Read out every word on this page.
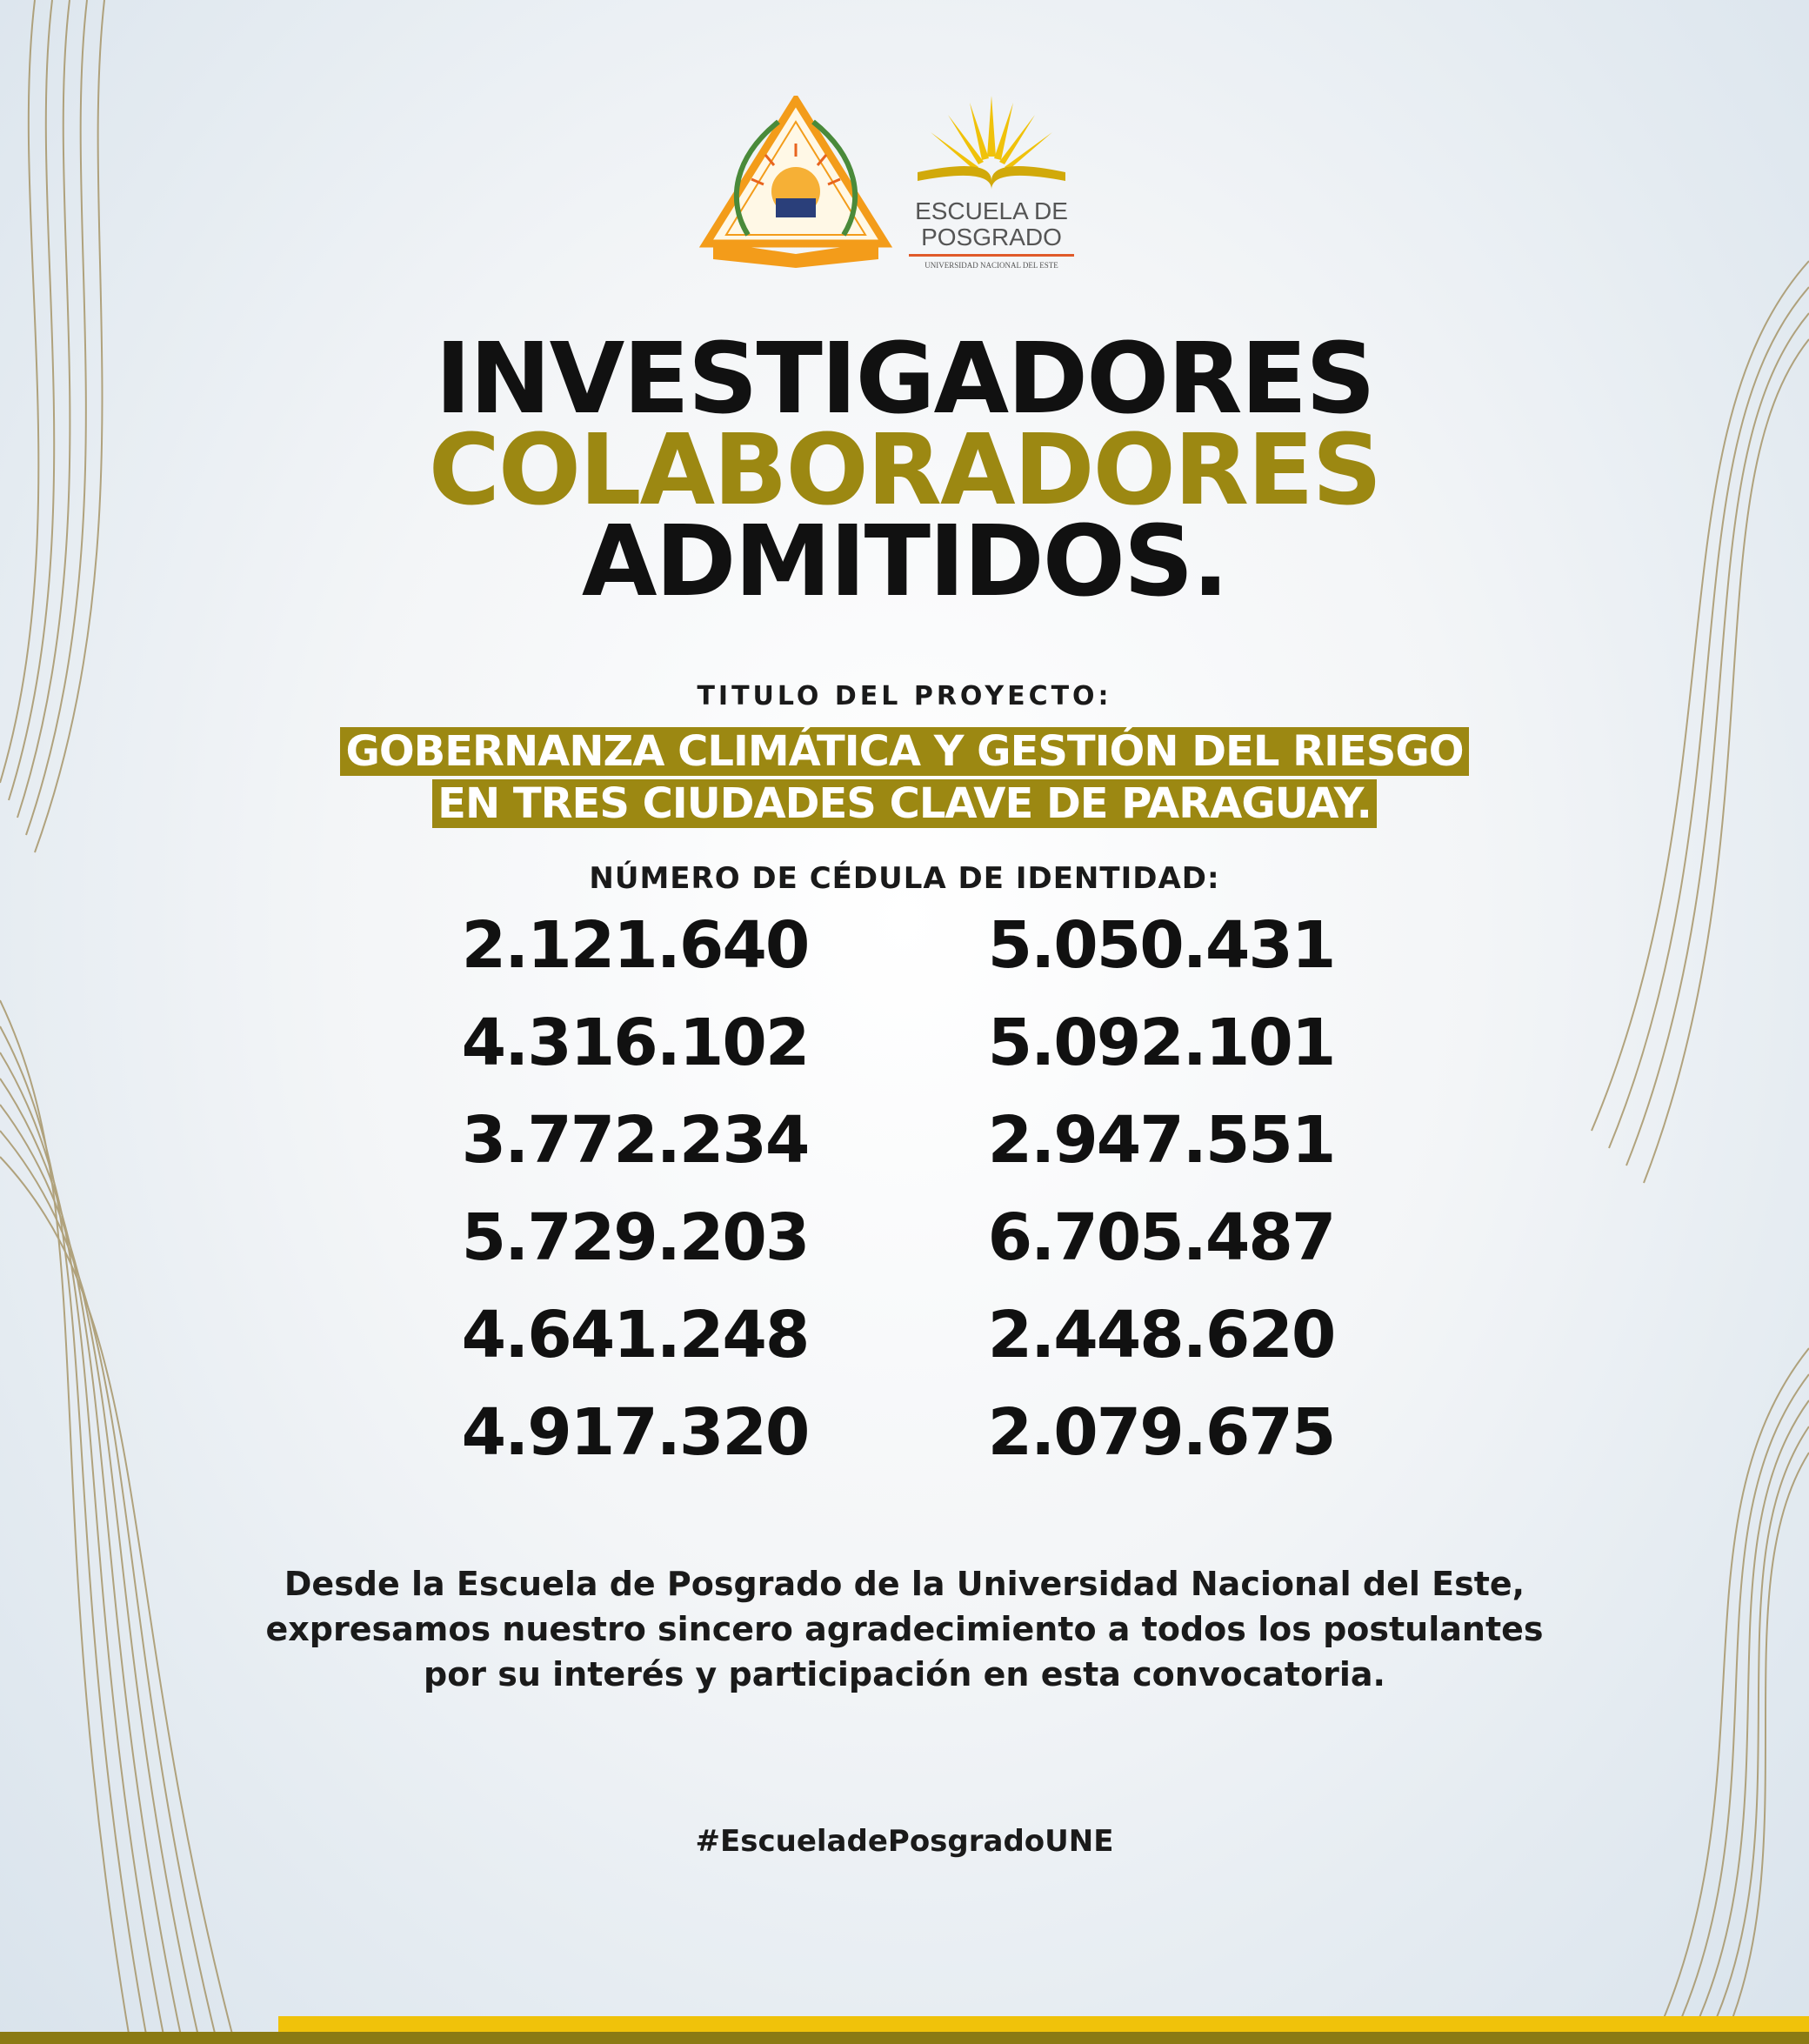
ESCUELA DE
POSGRADO
UNIVERSIDAD NACIONAL DEL ESTE
INVESTIGADORES
COLABORADORES
ADMITIDOS.
TITULO DEL PROYECTO:
GOBERNANZA CLIMÁTICA Y GESTIÓN DEL RIESGO
EN TRES CIUDADES CLAVE DE PARAGUAY.
NÚMERO DE CÉDULA DE IDENTIDAD:
2.121.640
4.316.102
3.772.234
5.729.203
4.641.248
4.917.320
5.050.431
5.092.101
2.947.551
6.705.487
2.448.620
2.079.675
Desde la Escuela de Posgrado de la Universidad Nacional del Este,
expresamos nuestro sincero agradecimiento a todos los postulantes
por su interés y participación en esta convocatoria.
#EscueladePosgradoUNE
